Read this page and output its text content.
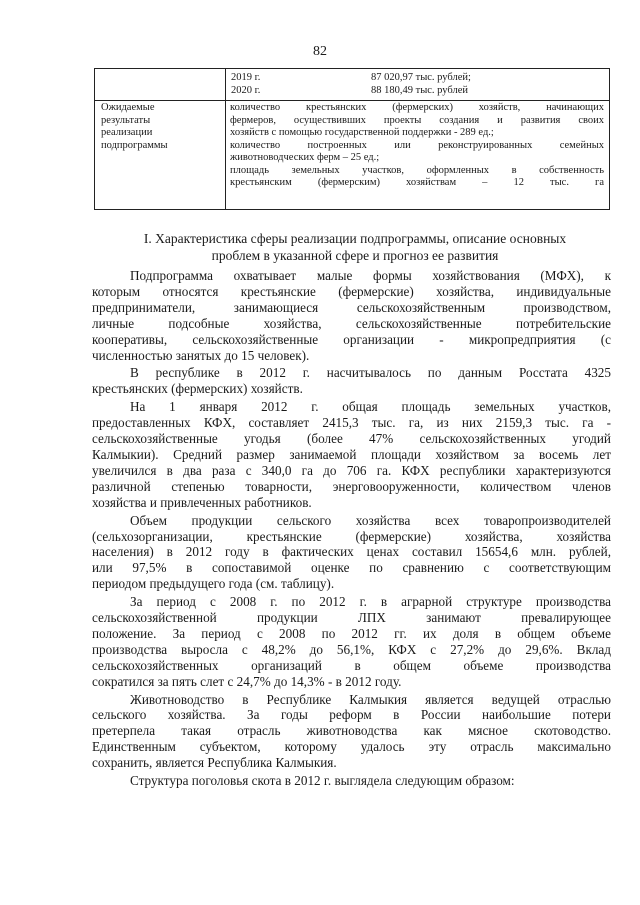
82
2019 г.	87 020,97 тыс. рублей;
2020 г.	88 180,49 тыс. рублей
Ожидаемые
результаты
реализации
подпрограммы
количество крестьянских (фермерских) хозяйств, начинающих
фермеров, осуществивших проекты создания и развития своих
хозяйств с помощью государственной поддержки - 289 ед.;
количество построенных или реконструированных семейных
животноводческих ферм – 25 ед.;
площадь земельных участков, оформленных в собственность
крестьянским (фермерским) хозяйствам – 12 тыс. га
I. Характеристика сферы реализации подпрограммы, описание основных
проблем в указанной сфере и прогноз ее развития
Подпрограмма охватывает малые формы хозяйствования (МФХ), к
которым относятся крестьянские (фермерские) хозяйства, индивидуальные
предприниматели, занимающиеся сельскохозяйственным производством,
личные подсобные хозяйства, сельскохозяйственные потребительские
кооперативы, сельскохозяйственные организации - микропредприятия (с
численностью занятых до 15 человек).
В республике в 2012 г. насчитывалось по данным Росстата 4325
крестьянских (фермерских) хозяйств.
На 1 января 2012 г. общая площадь земельных участков,
предоставленных КФХ, составляет 2415,3 тыс. га, из них 2159,3 тыс. га -
сельскохозяйственные угодья (более 47% сельскохозяйственных угодий
Калмыкии). Средний размер занимаемой площади хозяйством за восемь лет
увеличился в два раза с 340,0 га до 706 га. КФХ республики характеризуются
различной степенью товарности, энерговооруженности, количеством членов
хозяйства и привлеченных работников.
Объем продукции сельского хозяйства всех товаропроизводителей
(сельхозорганизации, крестьянские (фермерские) хозяйства, хозяйства
населения) в 2012 году в фактических ценах составил 15654,6 млн. рублей,
или 97,5% в сопоставимой оценке по сравнению с соответствующим
периодом предыдущего года (см. таблицу).
За период с 2008 г. по 2012 г. в аграрной структуре производства
сельскохозяйственной продукции ЛПХ занимают превалирующее
положение. За период с 2008 по 2012 гг. их доля в общем объеме
производства выросла с 48,2% до 56,1%, КФХ с 27,2% до 29,6%. Вклад
сельскохозяйственных организаций в общем объеме производства
сократился за пять слет с 24,7% до 14,3% - в 2012 году.
Животноводство в Республике Калмыкия является ведущей отраслью
сельского хозяйства. За годы реформ в России наибольшие потери
претерпела такая отрасль животноводства как мясное скотоводство.
Единственным субъектом, которому удалось эту отрасль максимально
сохранить, является Республика Калмыкия.
Структура поголовья скота в 2012 г. выглядела следующим образом:
